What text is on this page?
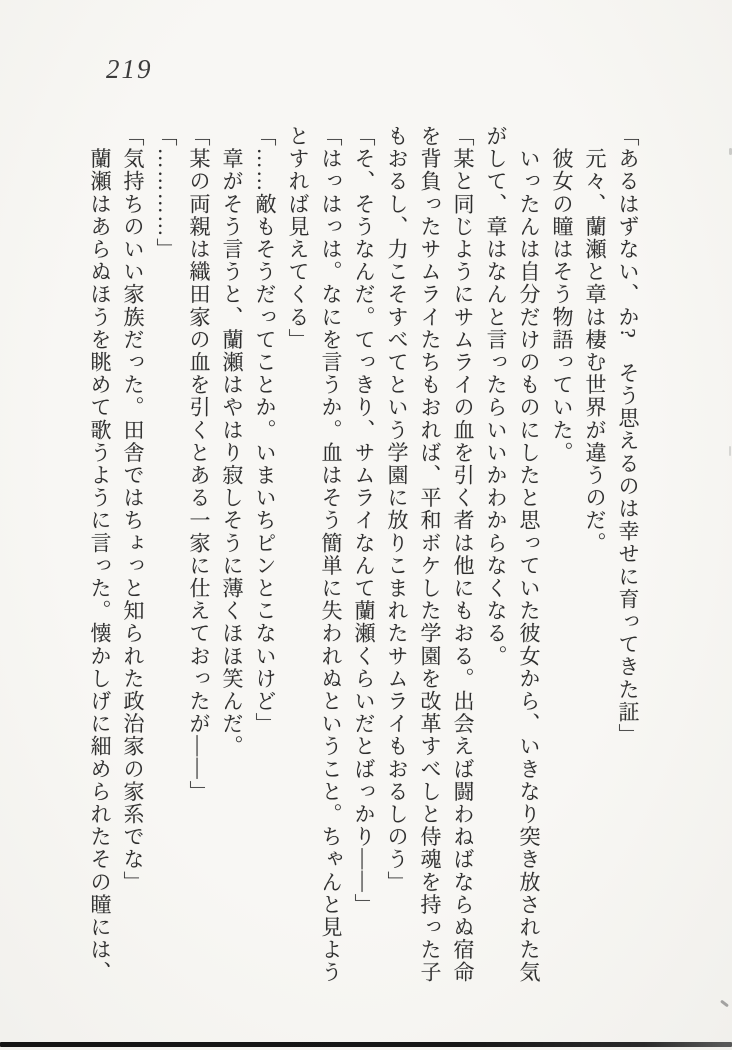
219
「あるはずない、か?　そう思えるのは幸せに育ってきた証」
　元々、蘭瀬と章は棲む世界が違うのだ。
　彼女の瞳はそう物語っていた。
　いったんは自分だけのものにしたと思っていた彼女から、いきなり突き放された気
がして、章はなんと言ったらいいかわからなくなる。
「某と同じようにサムライの血を引く者は他にもおる。出会えば闘わねばならぬ宿命
を背負ったサムライたちもおれば、平和ボケした学園を改革すべしと侍魂を持った子
もおるし、力こそすべてという学園に放りこまれたサムライもおるしのう」
「そ、そうなんだ。てっきり、サムライなんて蘭瀬くらいだとばっかり――」
「はっはっは。なにを言うか。血はそう簡単に失われぬということ。ちゃんと見よう
とすれば見えてくる」
「……敵もそうだってことか。いまいちピンとこないけど」
　章がそう言うと、蘭瀬はやはり寂しそうに薄くほほ笑んだ。
「某の両親は織田家の血を引くとある一家に仕えておったが――」
「…………」
「気持ちのいい家族だった。田舎ではちょっと知られた政治家の家系でな」
　蘭瀬はあらぬほうを眺めて歌うように言った。懐かしげに細められたその瞳には、
